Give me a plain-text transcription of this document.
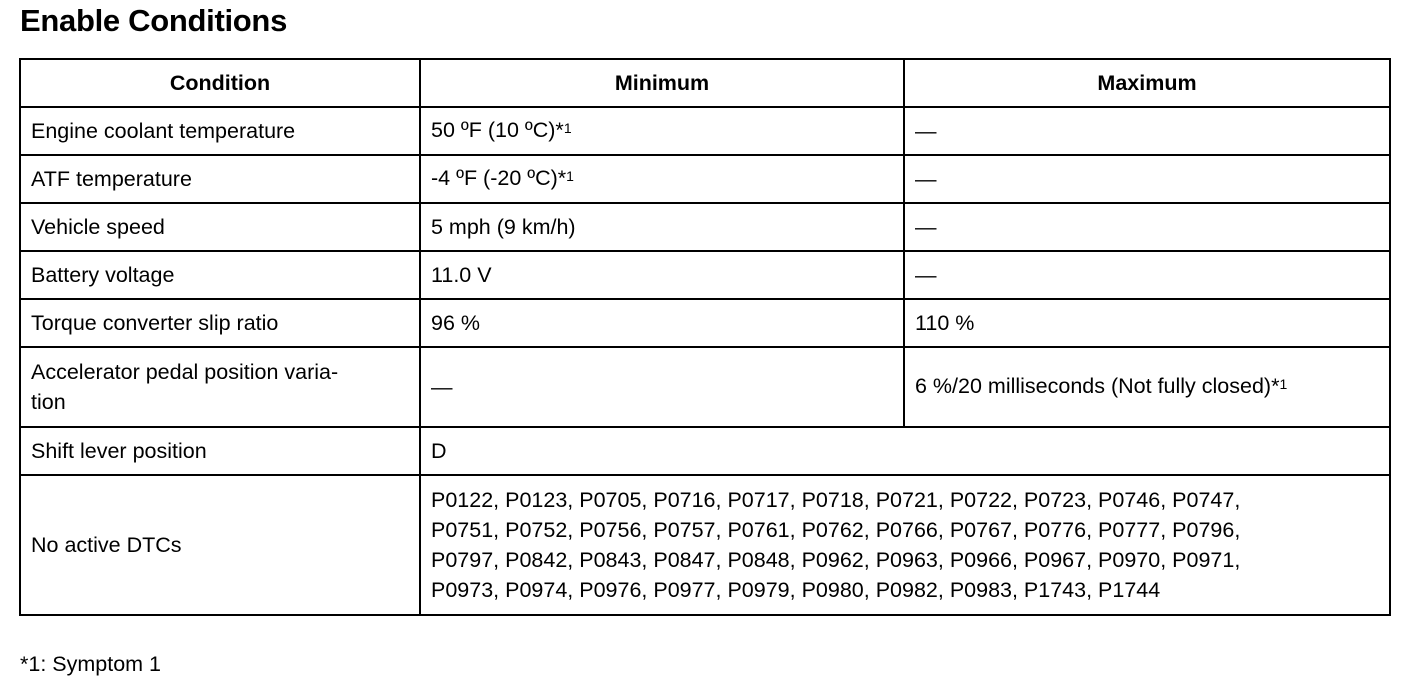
Enable Conditions
Condition	Minimum	Maximum
Engine coolant temperature	50 ºF (10 ºC)*$^1$	—
ATF temperature	-4 ºF (-20 ºC)*$^1$	—
Vehicle speed	5 mph (9 km/h)	—
Battery voltage	11.0 V	—
Torque converter slip ratio	96 %	110 %
Accelerator pedal position varia-
tion	—	6 %/20 milliseconds (Not fully closed)*$^1$
Shift lever position	D	
No active DTCs	P0122, P0123, P0705, P0716, P0717, P0718, P0721, P0722, P0723, P0746, P0747,
P0751, P0752, P0756, P0757, P0761, P0762, P0766, P0767, P0776, P0777, P0796,
P0797, P0842, P0843, P0847, P0848, P0962, P0963, P0966, P0967, P0970, P0971,
P0973, P0974, P0976, P0977, P0979, P0980, P0982, P0983, P1743, P1744	
*1: Symptom 1
